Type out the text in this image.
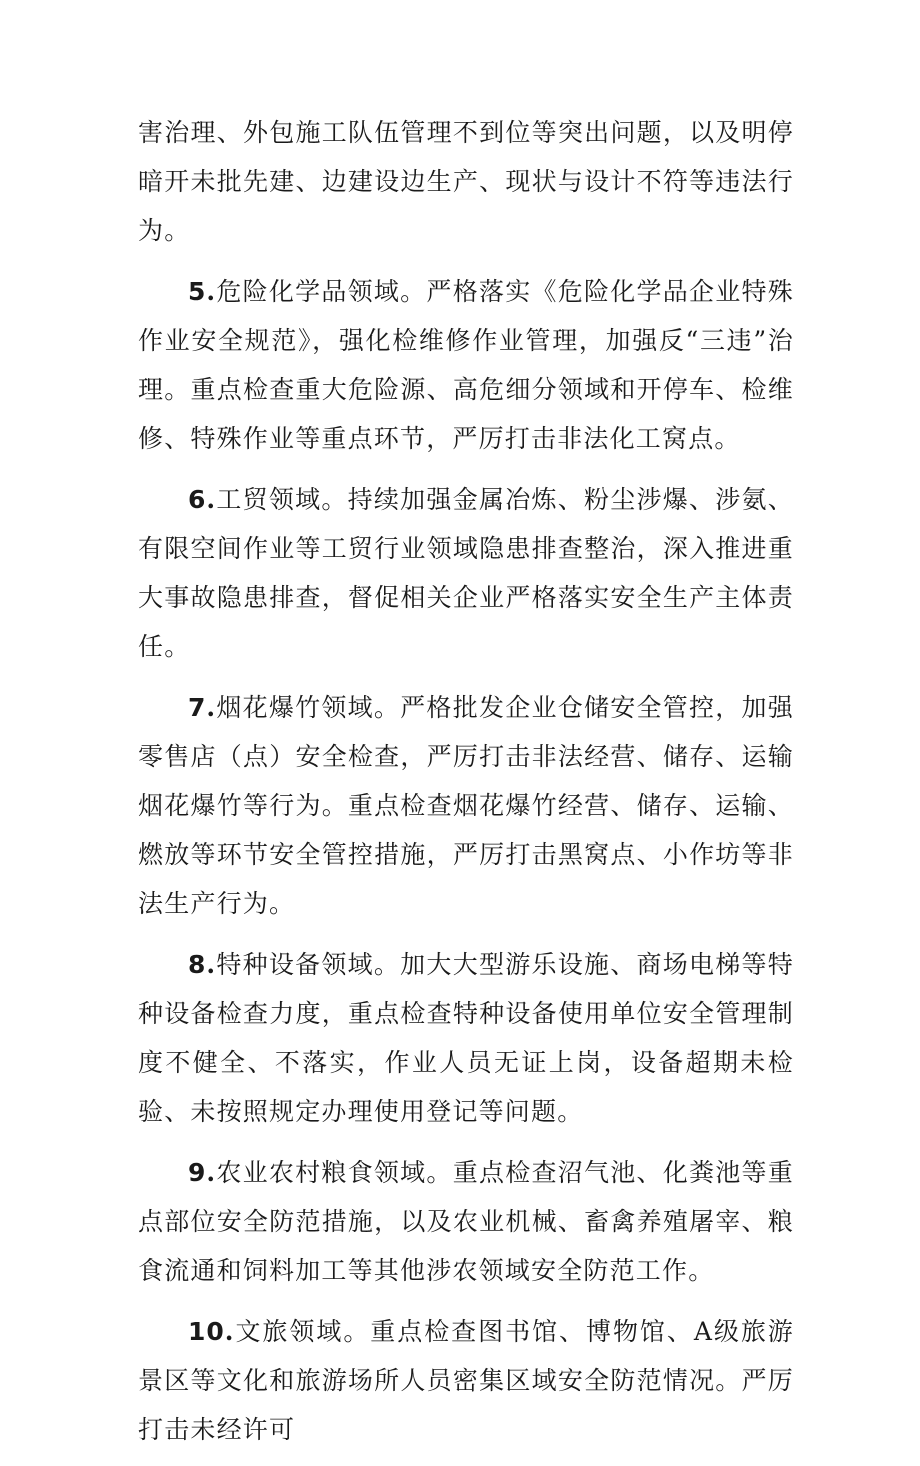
害治理、外包施工队伍管理不到位等突出问题，以及明停暗开未批先建、边建设边生产、现状与设计不符等违法行为。

5.危险化学品领域。严格落实《危险化学品企业特殊作业安全规范》，强化检维修作业管理，加强反“三违”治理。重点检查重大危险源、高危细分领域和开停车、检维修、特殊作业等重点环节，严厉打击非法化工窝点。

6.工贸领域。持续加强金属冶炼、粉尘涉爆、涉氨、有限空间作业等工贸行业领域隐患排查整治，深入推进重大事故隐患排查，督促相关企业严格落实安全生产主体责任。

7.烟花爆竹领域。严格批发企业仓储安全管控，加强零售店（点）安全检查，严厉打击非法经营、储存、运输烟花爆竹等行为。重点检查烟花爆竹经营、储存、运输、燃放等环节安全管控措施，严厉打击黑窝点、小作坊等非法生产行为。

8.特种设备领域。加大大型游乐设施、商场电梯等特种设备检查力度，重点检查特种设备使用单位安全管理制度不健全、不落实，作业人员无证上岗，设备超期未检验、未按照规定办理使用登记等问题。

9.农业农村粮食领域。重点检查沼气池、化粪池等重点部位安全防范措施，以及农业机械、畜禽养殖屠宰、粮食流通和饲料加工等其他涉农领域安全防范工作。

10.文旅领域。重点检查图书馆、博物馆、A级旅游景区等文化和旅游场所人员密集区域安全防范情况。严厉打击未经许可
